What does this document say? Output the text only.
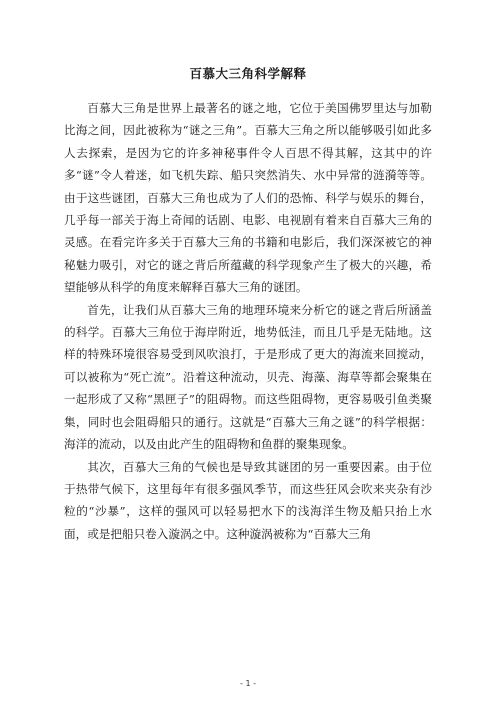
百慕大三角科学解释

百慕大三角是世界上最著名的谜之地，它位于美国佛罗里达与加勒比海之间，因此被称为“谜之三角”。百慕大三角之所以能够吸引如此多人去探索，是因为它的许多神秘事件令人百思不得其解，这其中的许多“谜”令人着迷，如飞机失踪、船只突然消失、水中异常的涟漪等等。由于这些谜团，百慕大三角也成为了人们的恐怖、科学与娱乐的舞台，几乎每一部关于海上奇闻的话剧、电影、电视剧有着来自百慕大三角的灵感。在看完许多关于百慕大三角的书籍和电影后，我们深深被它的神秘魅力吸引，对它的谜之背后所蕴藏的科学现象产生了极大的兴趣，希望能够从科学的角度来解释百慕大三角的谜团。

首先，让我们从百慕大三角的地理环境来分析它的谜之背后所涵盖的科学。百慕大三角位于海岸附近，地势低洼，而且几乎是无陆地。这样的特殊环境很容易受到风吹浪打，于是形成了更大的海流来回搅动，可以被称为“死亡流”。沿着这种流动，贝壳、海藻、海草等都会聚集在一起形成了又称“黑匣子”的阻碍物。而这些阻碍物，更容易吸引鱼类聚集，同时也会阻碍船只的通行。这就是“百慕大三角之谜”的科学根据：海洋的流动，以及由此产生的阻碍物和鱼群的聚集现象。

其次，百慕大三角的气候也是导致其谜团的另一重要因素。由于位于热带气候下，这里每年有很多强风季节，而这些狂风会吹来夹杂有沙粒的“沙暴”，这样的强风可以轻易把水下的浅海洋生物及船只抬上水面，或是把船只卷入漩涡之中。这种漩涡被称为“百慕大三角

- 1 -
